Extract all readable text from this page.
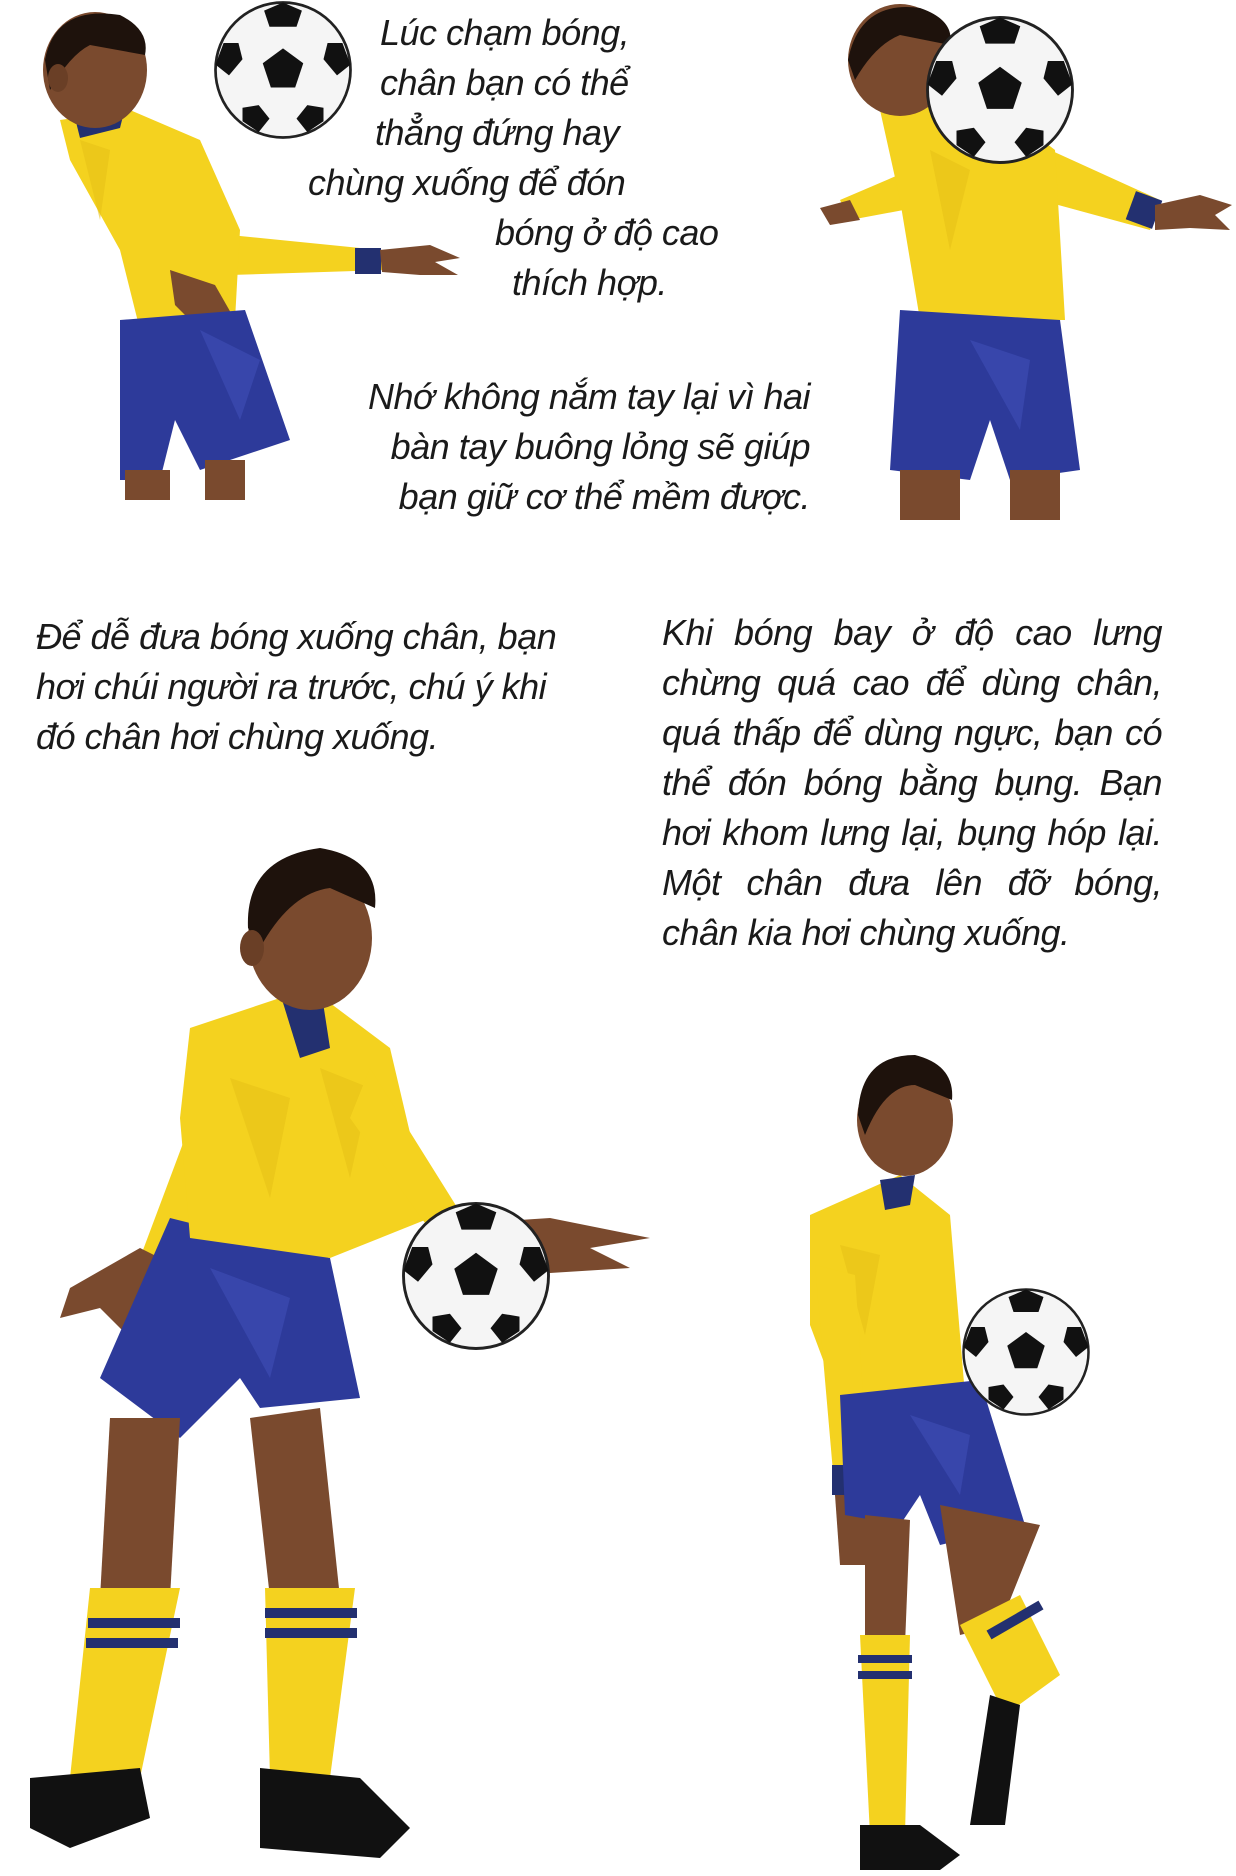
Lúc chạm bóng,
chân bạn có thể
thẳng đứng hay
chùng xuống để đón
bóng ở độ cao
thích hợp.
Nhớ không nắm tay lại vì hai
bàn tay buông lỏng sẽ giúp
bạn giữ cơ thể mềm được.
Để dễ đưa bóng xuống chân, bạn
hơi chúi người ra trước, chú ý khi
đó chân hơi chùng xuống.
Khi bóng bay ở độ cao lưng
chừng quá cao để dùng chân,
quá thấp để dùng ngực, bạn có
thể đón bóng bằng bụng. Bạn
hơi khom lưng lại, bụng hóp lại.
Một chân đưa lên đỡ bóng,
chân kia hơi chùng xuống.
